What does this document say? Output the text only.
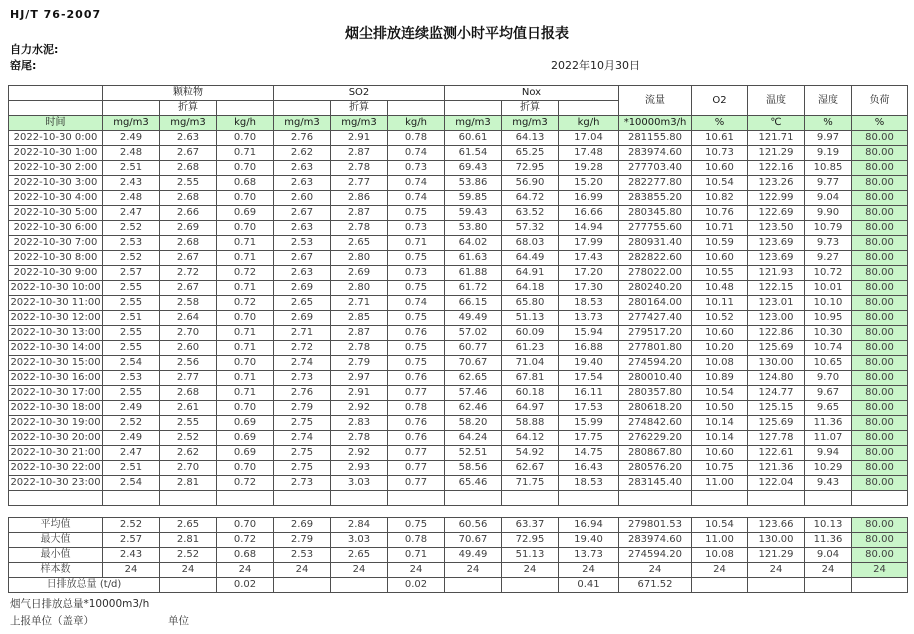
HJ/T 76-2007
烟尘排放连续监测小时平均值日报表
自力水泥:
窑尾:	2022年10月30日
	颗粒物			SO2			Nox			流量	O2	温度	湿度	负荷
		折算			折算			折算						
时间	mg/m3	mg/m3	kg/h	mg/m3	mg/m3	kg/h	mg/m3	mg/m3	kg/h	*10000m3/h	%	℃	%	%
2022-10-30 0:00	2.49	2.63	0.70	2.76	2.91	0.78	60.61	64.13	17.04	281155.80	10.61	121.71	9.97	80.00
2022-10-30 1:00	2.48	2.67	0.71	2.62	2.87	0.74	61.54	65.25	17.48	283974.60	10.73	121.29	9.19	80.00
2022-10-30 2:00	2.51	2.68	0.70	2.63	2.78	0.73	69.43	72.95	19.28	277703.40	10.60	122.16	10.85	80.00
2022-10-30 3:00	2.43	2.55	0.68	2.63	2.77	0.74	53.86	56.90	15.20	282277.80	10.54	123.26	9.77	80.00
2022-10-30 4:00	2.48	2.68	0.70	2.60	2.86	0.74	59.85	64.72	16.99	283855.20	10.82	122.99	9.04	80.00
2022-10-30 5:00	2.47	2.66	0.69	2.67	2.87	0.75	59.43	63.52	16.66	280345.80	10.76	122.69	9.90	80.00
2022-10-30 6:00	2.52	2.69	0.70	2.63	2.78	0.73	53.80	57.32	14.94	277755.60	10.71	123.50	10.79	80.00
2022-10-30 7:00	2.53	2.68	0.71	2.53	2.65	0.71	64.02	68.03	17.99	280931.40	10.59	123.69	9.73	80.00
2022-10-30 8:00	2.52	2.67	0.71	2.67	2.80	0.75	61.63	64.49	17.43	282822.60	10.60	123.69	9.27	80.00
2022-10-30 9:00	2.57	2.72	0.72	2.63	2.69	0.73	61.88	64.91	17.20	278022.00	10.55	121.93	10.72	80.00
2022-10-30 10:00	2.55	2.67	0.71	2.69	2.80	0.75	61.72	64.18	17.30	280240.20	10.48	122.15	10.01	80.00
2022-10-30 11:00	2.55	2.58	0.72	2.65	2.71	0.74	66.15	65.80	18.53	280164.00	10.11	123.01	10.10	80.00
2022-10-30 12:00	2.51	2.64	0.70	2.69	2.85	0.75	49.49	51.13	13.73	277427.40	10.52	123.00	10.95	80.00
2022-10-30 13:00	2.55	2.70	0.71	2.71	2.87	0.76	57.02	60.09	15.94	279517.20	10.60	122.86	10.30	80.00
2022-10-30 14:00	2.55	2.60	0.71	2.72	2.78	0.75	60.77	61.23	16.88	277801.80	10.20	125.69	10.74	80.00
2022-10-30 15:00	2.54	2.56	0.70	2.74	2.79	0.75	70.67	71.04	19.40	274594.20	10.08	130.00	10.65	80.00
2022-10-30 16:00	2.53	2.77	0.71	2.73	2.97	0.76	62.65	67.81	17.54	280010.40	10.89	124.80	9.70	80.00
2022-10-30 17:00	2.55	2.68	0.71	2.76	2.91	0.77	57.46	60.18	16.11	280357.80	10.54	124.77	9.67	80.00
2022-10-30 18:00	2.49	2.61	0.70	2.79	2.92	0.78	62.46	64.97	17.53	280618.20	10.50	125.15	9.65	80.00
2022-10-30 19:00	2.52	2.55	0.69	2.75	2.83	0.76	58.20	58.88	15.99	274842.60	10.14	125.69	11.36	80.00
2022-10-30 20:00	2.49	2.52	0.69	2.74	2.78	0.76	64.24	64.12	17.75	276229.20	10.14	127.78	11.07	80.00
2022-10-30 21:00	2.47	2.62	0.69	2.75	2.92	0.77	52.51	54.92	14.75	280867.80	10.60	122.61	9.94	80.00
2022-10-30 22:00	2.51	2.70	0.70	2.75	2.93	0.77	58.56	62.67	16.43	280576.20	10.75	121.36	10.29	80.00
2022-10-30 23:00	2.54	2.81	0.72	2.73	3.03	0.77	65.46	71.75	18.53	283145.40	11.00	122.04	9.43	80.00

平均值	2.52	2.65	0.70	2.69	2.84	0.75	60.56	63.37	16.94	279801.53	10.54	123.66	10.13	80.00
最大值	2.57	2.81	0.72	2.79	3.03	0.78	70.67	72.95	19.40	283974.60	11.00	130.00	11.36	80.00
最小值	2.43	2.52	0.68	2.53	2.65	0.71	49.49	51.13	13.73	274594.20	10.08	121.29	9.04	80.00
样本数	24	24	24	24	24	24	24	24	24	24	24	24	24	24
日排放总量 (t/d)			0.02			0.02			0.41	671.52				
烟气日排放总量*10000m3/h
上报单位（盖章）	单位
